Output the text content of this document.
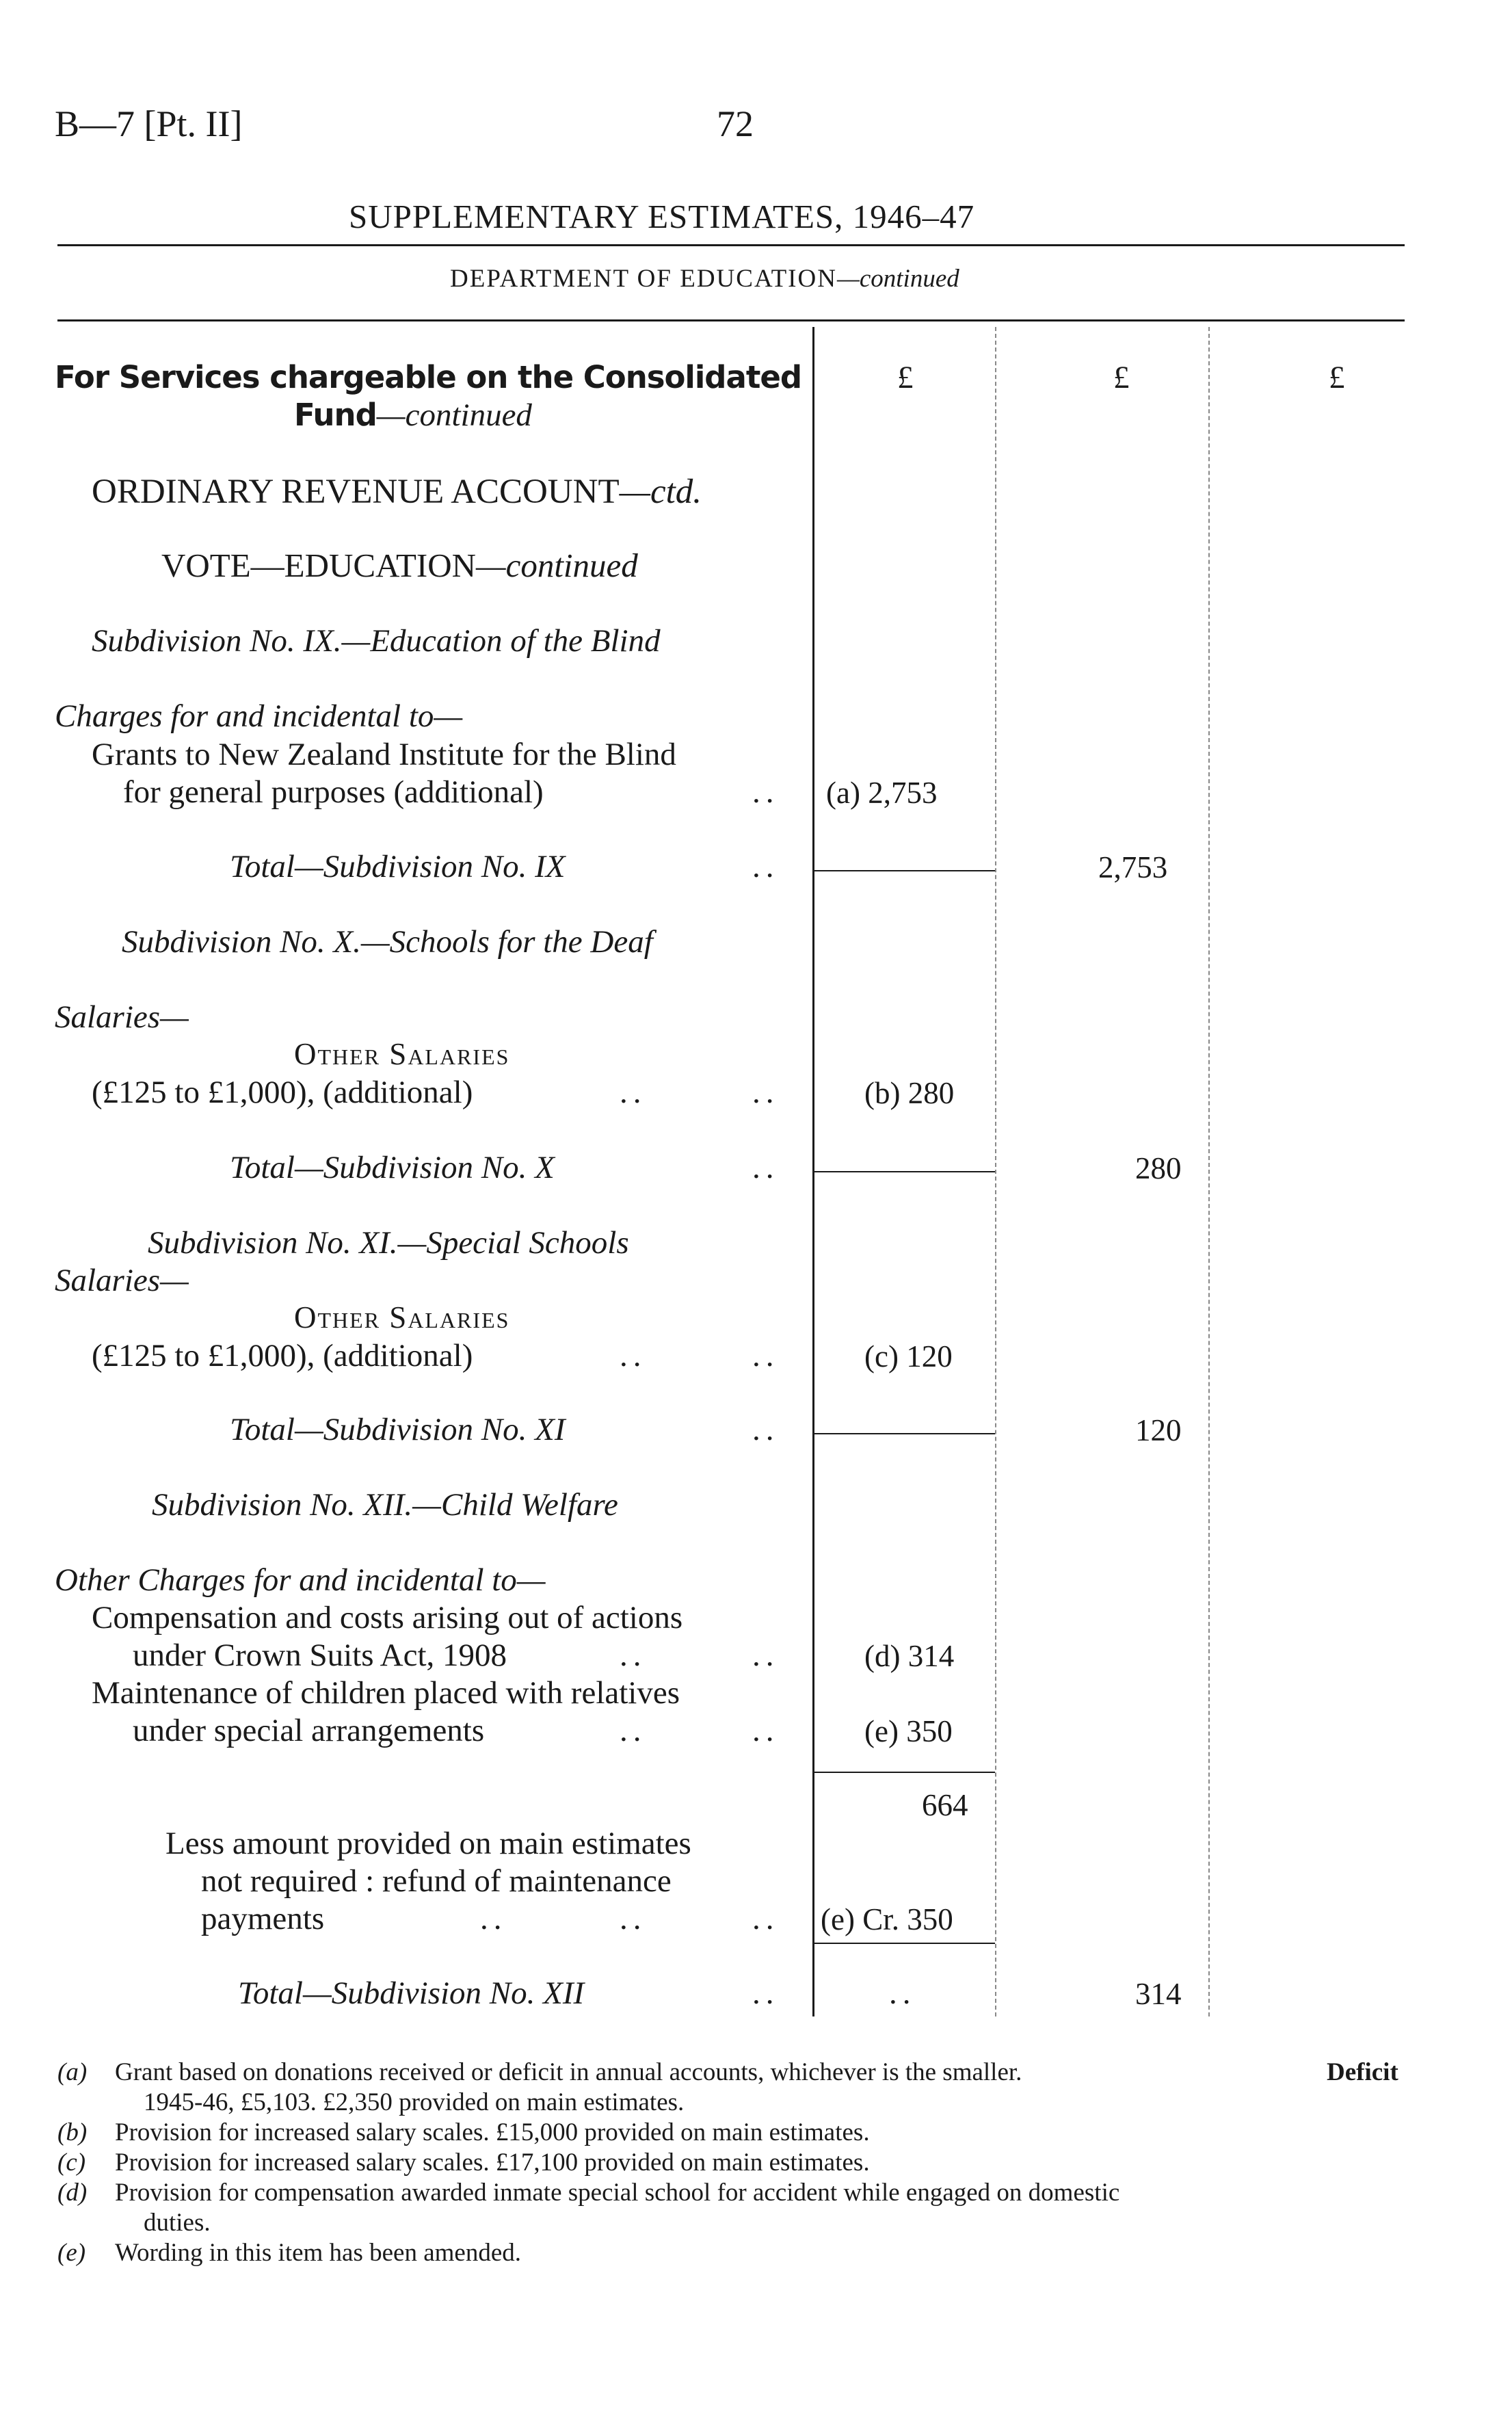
B—7 [Pt. II]	72
SUPPLEMENTARY ESTIMATES, 1946–47
DEPARTMENT OF EDUCATION—continued
£	£	£
For Services chargeable on the Consolidated
Fund—continued
ORDINARY REVENUE ACCOUNT—ctd.
VOTE—EDUCATION—continued
Subdivision No. IX.—Education of the Blind
Charges for and incidental to—
Grants to New Zealand Institute for the Blind
for general purposes (additional)	.. (a) 2,753
Total—Subdivision No. IX	..	2,753
Subdivision No. X.—Schools for the Deaf
Salaries—
Other Salaries
(£125 to £1,000), (additional)	..	..	(b) 280
Total—Subdivision No. X	..	280
Subdivision No. XI.—Special Schools
Salaries—
Other Salaries
(£125 to £1,000), (additional)	..	..	(c) 120
Total—Subdivision No. XI	..	120
Subdivision No. XII.—Child Welfare
Other Charges for and incidental to—
Compensation and costs arising out of actions
under Crown Suits Act, 1908	..	..	(d) 314
Maintenance of children placed with relatives
under special arrangements	..	..	(e) 350
664
Less amount provided on main estimates
not required : refund of maintenance
payments	..	..	.. (e) Cr. 350
Total—Subdivision No. XII	..	..	314
(a) Grant based on donations received or deficit in annual accounts, whichever is the smaller.	Deficit
1945-46, £5,103. £2,350 provided on main estimates.
(b) Provision for increased salary scales. £15,000 provided on main estimates.
(c) Provision for increased salary scales. £17,100 provided on main estimates.
(d) Provision for compensation awarded inmate special school for accident while engaged on domestic
duties.
(e) Wording in this item has been amended.
